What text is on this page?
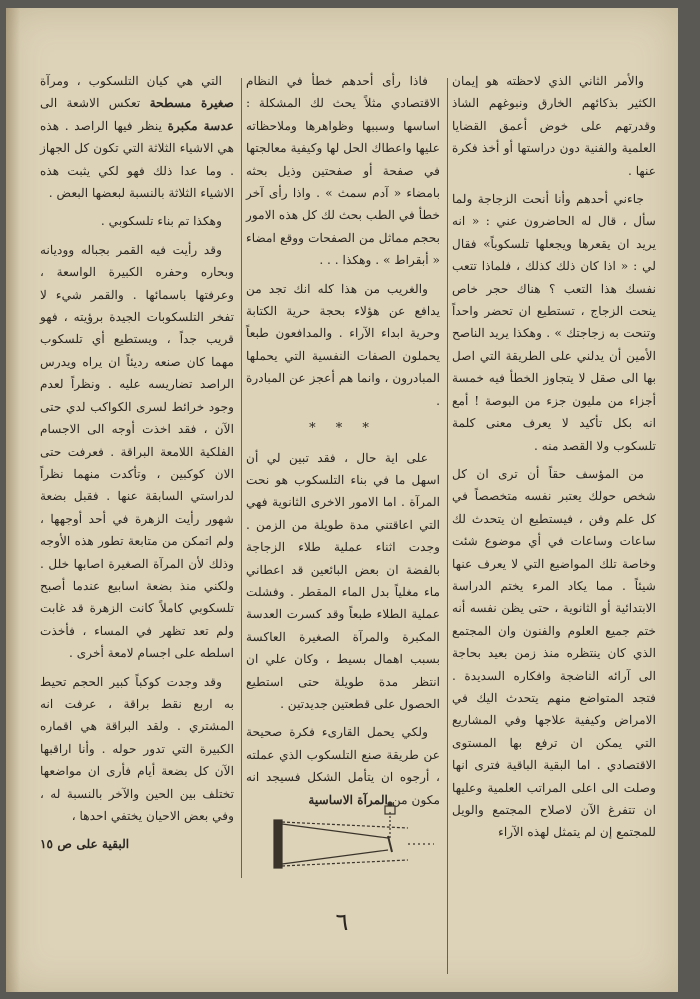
والأمر الثاني الذي لاحظته هو إيمان الكثير بذكائهم الخارق ونبوغهم الشاذ وقدرتهم على خوض أعمق القضايا العلمية والفنية دون دراستها أو أخذ فكرة عنها .

جاءني أحدهم وأنا أنحت الزجاجة ولما سأل ، قال له الحاضرون عني : « انه يريد ان يقعرها ويجعلها تلسكوباً» فقال لي : « اذا كان ذلك كذلك ، فلماذا تتعب نفسك هذا التعب ؟ هناك حجر خاص ينحت الزجاج ، تستطيع ان تحضر واحداً وتنحت به زجاجتك » . وهكذا يريد الناصح الأمين أن يدلني على الطريقة التي اصل بها الى صقل لا يتجاوز الخطأ فيه خمسة أجزاء من مليون جزء من البوصة ! أمع انه بكل تأكيد لا يعرف معنى كلمة تلسكوب ولا القصد منه .

من المؤسف حقاً أن ترى ان كل شخص حولك يعتبر نفسه متخصصاً في كل علم وفن ، فيستطيع ان يتحدث لك ساعات وساعات في أي موضوع شئت وخاصة تلك المواضيع التي لا يعرف عنها شيئاً . مما يكاد المرء يختم الدراسة الابتدائية أو الثانوية ، حتى يظن نفسه أنه ختم جميع العلوم والفنون وان المجتمع الذي كان ينتظره منذ زمن بعيد بحاجة الى آرائه الناضجة وافكاره السديدة . فتجد المتواضع منهم يتحدث اليك في الامراض وكيفية علاجها وفي المشاريع التي يمكن ان ترفع بها المستوى الاقتصادي . اما البقية الباقية فترى انها وصلت الى اعلى المراتب العلمية وعليها ان تتفرغ الآن لاصلاح المجتمع والويل للمجتمع إن لم يتمثل لهذه الآراء

فاذا رأى أحدهم خطأ في النظام الاقتصادي مثلاً يحث لك المشكلة : اساسها وسببها وظواهرها وملاحظاته عليها واعطاك الحل لها وكيفية معالجتها في صفحة أو صفحتين وذيل بحثه بامضاء « آدم سمث » . واذا رأى آخر خطأ في الطب بحث لك كل هذه الامور بحجم مماثل من الصفحات ووقع امضاء « أبقراط » . وهكذا . . .

والغريب من هذا كله انك تجد من يدافع عن هؤلاء بحجة حرية الكتابة وحرية ابداء الآراء . والمدافعون طبعاً يحملون الصفات النفسية التي يحملها المبادرون ، وانما هم أعجز عن المبادرة .

* * *

على اية حال ، فقد تبين لي أن اسهل ما في بناء التلسكوب هو نحت المرآة . اما الامور الاخرى الثانوية فهي التي اعاقتني مدة طويلة من الزمن . وجدت اثناء عملية طلاء الزجاجة بالفضة ان بعض البائعين قد اعطاني ماء مغلياً بدل الماء المقطر . وفشلت عملية الطلاء طبعاً وقد كسرت العدسة المكبرة والمرآة الصغيرة العاكسة بسبب اهمال بسيط ، وكان علي ان انتظر مدة طويلة حتى استطيع الحصول على قطعتين جديدتين .

ولكي يحمل القارىء فكرة صحيحة عن طريقة صنع التلسكوب الذي عملته ، أرجوه ان يتأمل الشكل فسيجد انه مكون من المرآة الاساسية

التي هي كيان التلسكوب ، ومرآة صغيرة مسطحة تعكس الاشعة الى عدسة مكبرة ينظر فيها الراصد . هذه هي الاشياء الثلاثة التي تكون كل الجهاز . وما عدا ذلك فهو لكي يثبت هذه الاشياء الثلاثة بالنسبة لبعضها البعض .

وهكذا تم بناء تلسكوبي .

وقد رأيت فيه القمر بجباله ووديانه وبحاره وحفره الكبيرة الواسعة ، وعرفتها باسمائها . والقمر شيء لا تفخر التلسكوبات الجيدة برؤيته ، فهو قريب جداً ، ويستطيع أي تلسكوب مهما كان صنعه رديئاً ان يراه ويدرس الراصد تضاريسه عليه . ونظراً لعدم وجود خرائط لسرى الكواكب لدي حتى الآن ، فقد اخذت أوجه الى الاجسام الفلكية اللامعة البراقة . فعرفت حتى الان كوكبين ، وتأكدت منهما نظراً لدراستي السابقة عنها . فقبل بضعة شهور رأيت الزهرة في أحد أوجهها ، ولم اتمكن من متابعة تطور هذه الأوجه وذلك لأن المرآة الصغيرة اصابها خلل . ولكني منذ بضعة اسابيع عندما أصبح تلسكوبي كاملاً كانت الزهرة قد غابت ولم تعد تظهر في المساء ، فأخذت اسلطه على اجسام لامعة أخرى .

وقد وجدت كوكباً كبير الحجم تحيط به اربع نقط براقة ، عرفت انه المشتري . ولقد البراقة هي اقماره الكبيرة التي تدور حوله . وأنا اراقبها الآن كل بضعة أيام فأرى ان مواضعها تختلف بين الحين والآخر بالنسبة له ، وفي بعض الاحيان يختفي احدها ،

البقية على ص ١٥

٦
